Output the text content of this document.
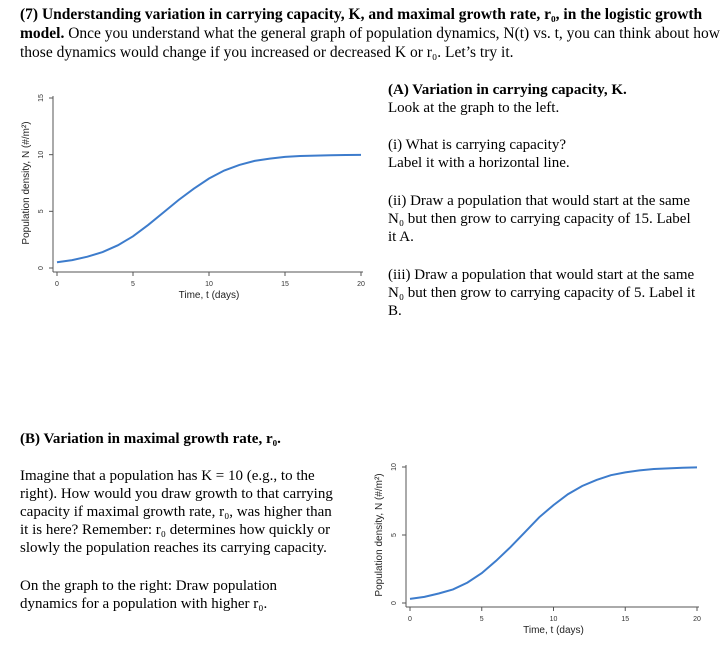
(7) Understanding variation in carrying capacity, K, and maximal growth rate, r₀, in the logistic growth model. Once you understand what the general graph of population dynamics, N(t) vs. t, you can think about how those dynamics would change if you increased or decreased K or r₀. Let’s try it.
(A) Variation in carrying capacity, K.
Look at the graph to the left.
(i) What is carrying capacity?
Label it with a horizontal line.
(ii) Draw a population that would start at the same
N₀ but then grow to carrying capacity of 15. Label
it A.
(iii) Draw a population that would start at the same
N₀ but then grow to carrying capacity of 5. Label it
B.
(B) Variation in maximal growth rate, r₀.
Imagine that a population has K = 10 (e.g., to the
right). How would you draw growth to that carrying
capacity if maximal growth rate, r₀, was higher than
it is here? Remember: r₀ determines how quickly or
slowly the population reaches its carrying capacity.
On the graph to the right: Draw population
dynamics for a population with higher r₀.
0
5
10
15
0	5	10	15	20
Time, t (days)
Population density, N (#/m²)
0
5
10
0	5	10	15	20
Time, t (days)
Population density, N (#/m²)
